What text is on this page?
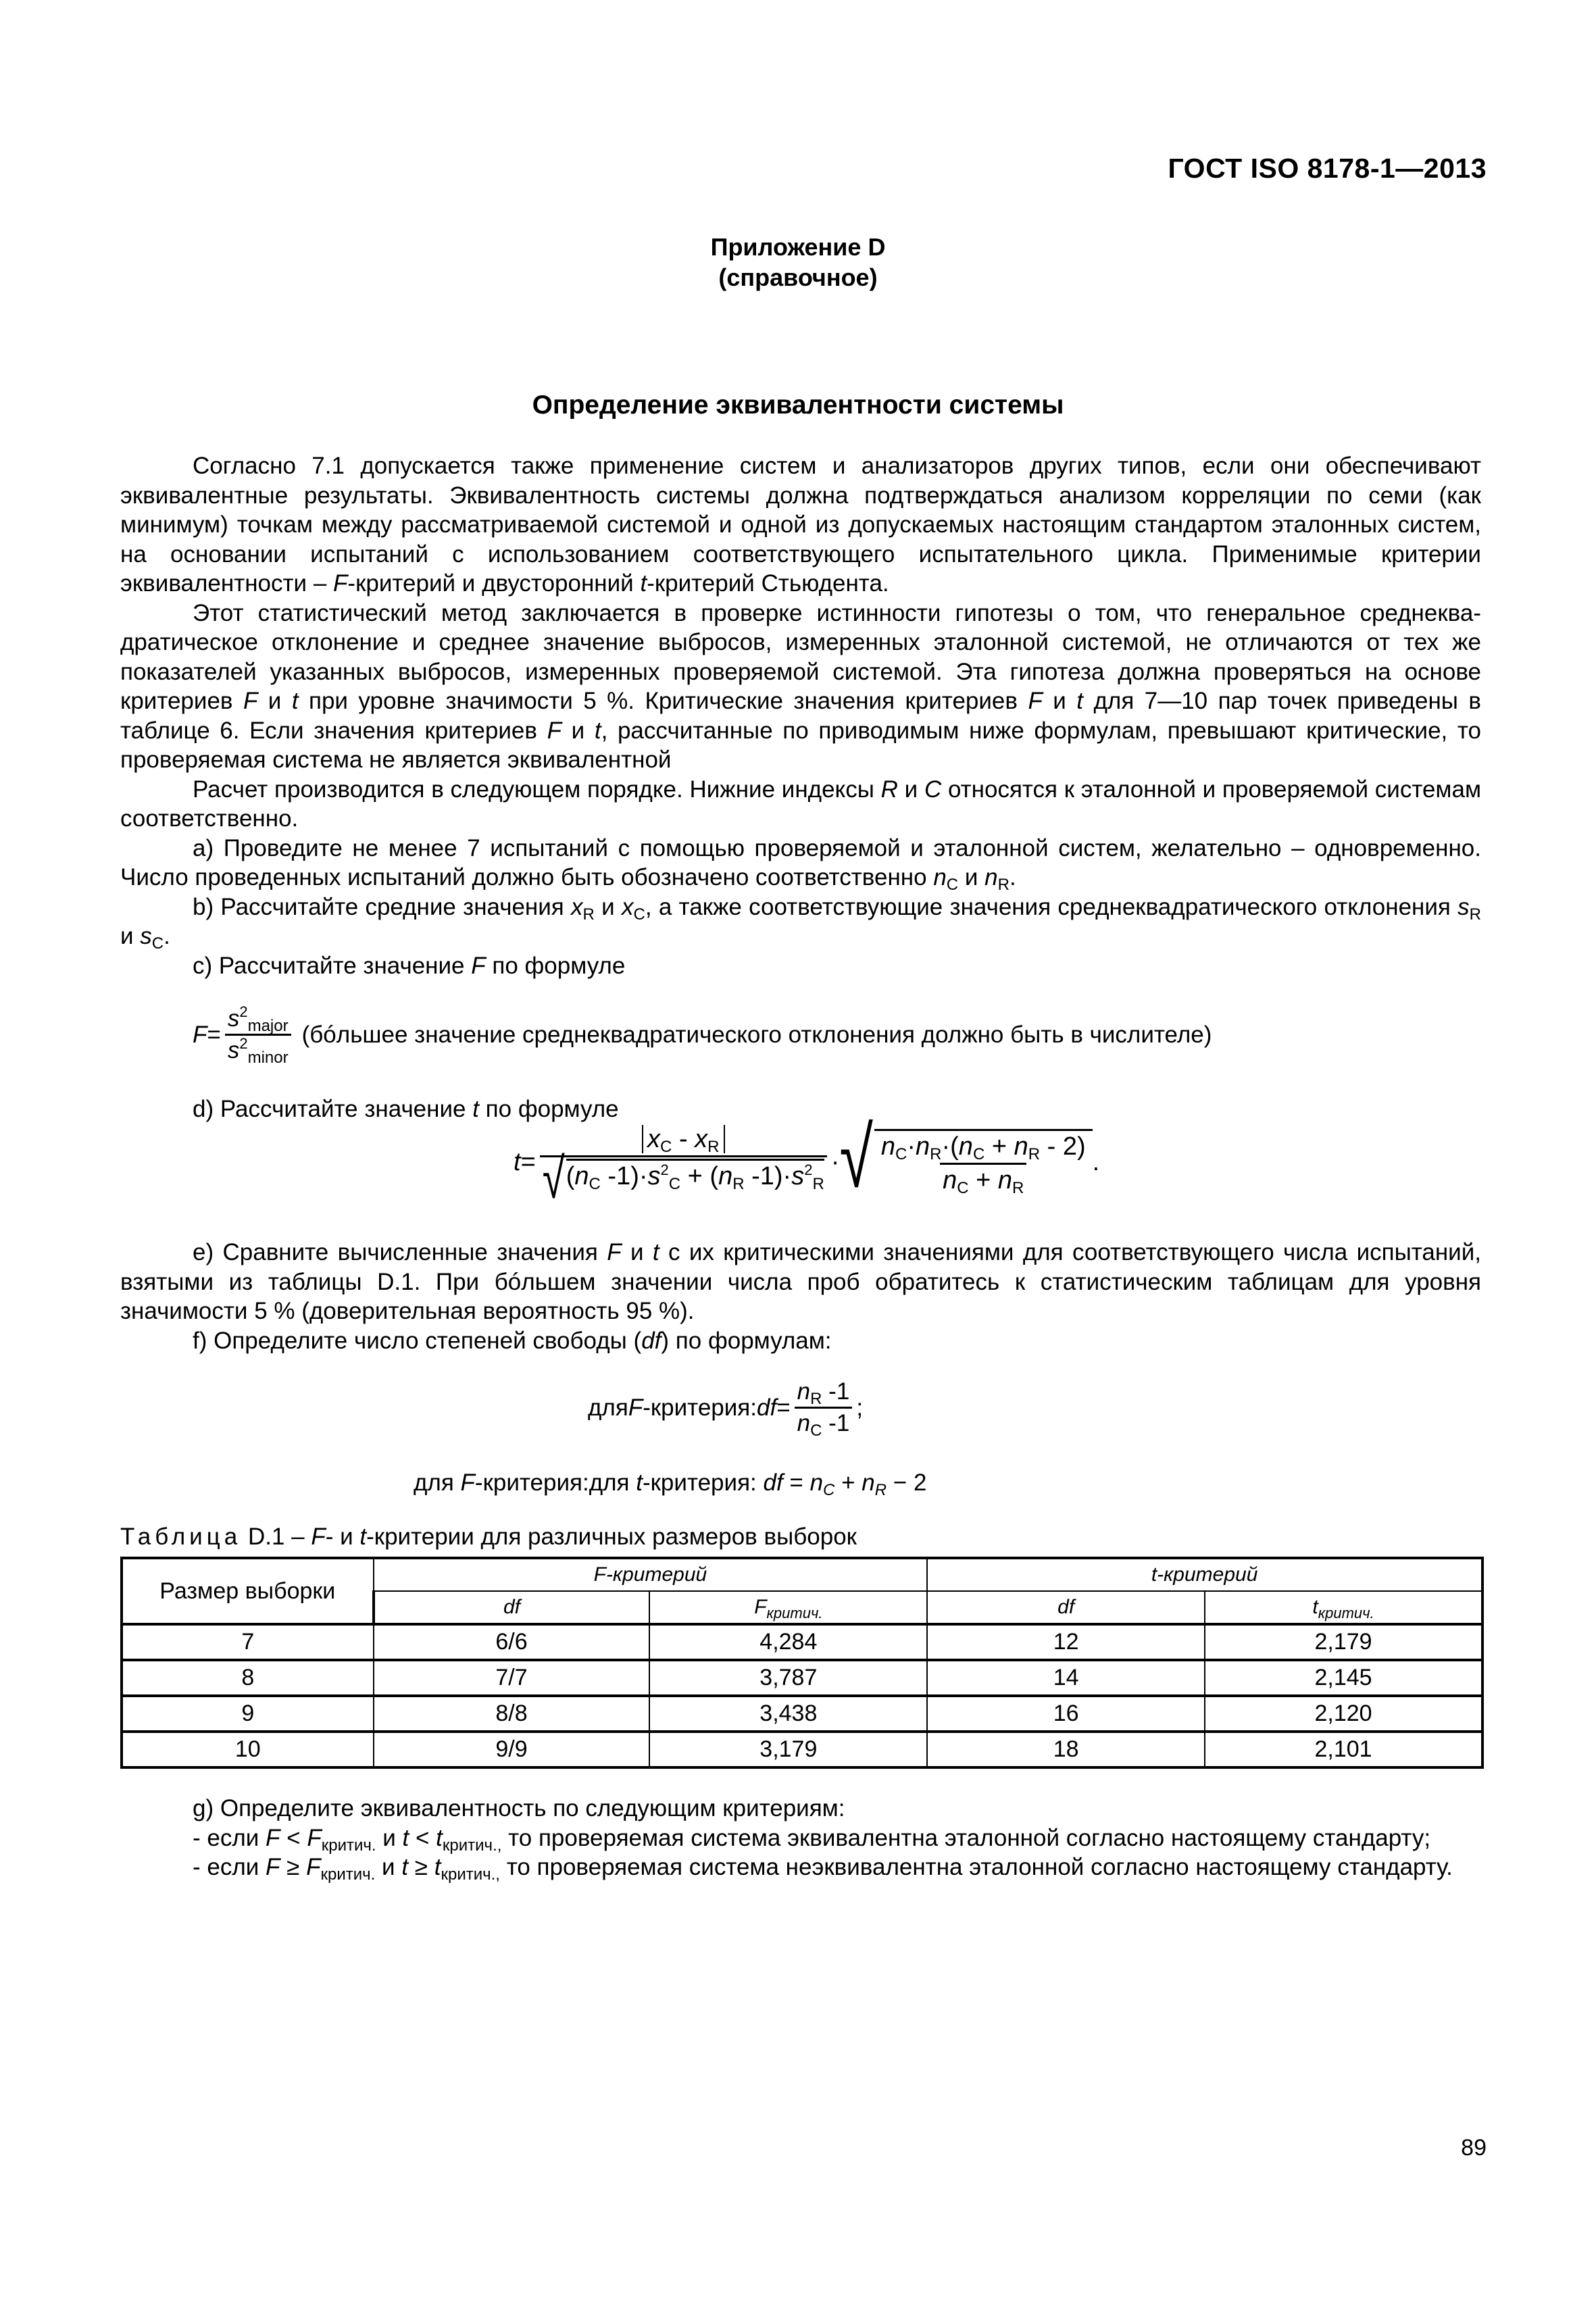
ГОСТ ISO 8178-1—2013
Приложение D
(справочное)
Определение эквивалентности системы

Согласно 7.1 допускается также применение систем и анализаторов других типов, если они обеспечивают эквивалентные результаты. Эквивалентность системы должна подтверждаться анализом корреляции по семи (как минимум) точкам между рассматриваемой системой и одной из допускаемых настоящим стандартом эталонных систем, на основании испытаний с использованием соответствующего испытательного цикла. Применимые критерии эквивалентности – F-критерий и двусторонний t-критерий Стьюдента.

Этот статистический метод заключается в проверке истинности гипотезы о том, что генеральное среднеквадратическое отклонение и среднее значение выбросов, измеренных эталонной системой, не отличаются от тех же показателей указанных выбросов, измеренных проверяемой системой. Эта гипотеза должна проверяться на основе критериев F и t при уровне значимости 5 %. Критические значения критериев F и t для 7—10 пар точек приведены в таблице 6. Если значения критериев F и t, рассчитанные по приводимым ниже формулам, превышают критические, то проверяемая система не является эквивалентной

Расчет производится в следующем порядке. Нижние индексы R и C относятся к эталонной и проверяемой системам соответственно.

a) Проведите не менее 7 испытаний с помощью проверяемой и эталонной систем, желательно – одновременно. Число проведенных испытаний должно быть обозначено соответственно $n_C$ и $n_R$.

b) Рассчитайте средние значения $x_R$ и $x_C$, а также соответствующие значения среднеквадратического отклонения $s_R$ и $s_C$.

c) Рассчитайте значение F по формуле

$F = \frac{s^2_{major}}{s^2_{minor}}$ (бóльшее значение среднеквадратического отклонения должно быть в числителе)

d) Рассчитайте значение t по формуле

$t = \frac{x_C - x_R}{√ (n_C -1)\cdot s^2_C + (n_R -1)\cdot s^2_R}$ · √ $\frac{n_C\cdot n_R\cdot(n_C + n_R - 2)}{n_C + n_R}$ .

e) Сравните вычисленные значения F и t с их критическими значениями для соответствующего числа испытаний, взятыми из таблицы D.1. При бóльшем значении числа проб обратитесь к статистическим таблицам для уровня значимости 5 % (доверительная вероятность 95 %).

f) Определите число степеней свободы (df) по формулам:

для F -критерия: df = $\frac{n_R -1}{n_C -1}$ ;
для F-критерия:для t-критерия: df = $n_C + n_R - 2$
Таблица D.1 – F- и t-критерии для различных размеров выборок
Размер выборки	F-критерий		t-критерий	
	df	$F_{критич.}$	df	$t_{критич.}$
7	6/6	4,284	12	2,179
8	7/7	3,787	14	2,145
9	8/8	3,438	16	2,120
10	9/9	3,179	18	2,101

g) Определите эквивалентность по следующим критериям:

- если $F < F_{критич.}$ и $t < t_{критич.,}$ то проверяемая система эквивалентна эталонной согласно настоящему стандарту;

- если $F \ge F_{критич.}$ и $t \ge t_{критич.,}$ то проверяемая система неэквивалентна эталонной согласно настоящему стандарту.

89
